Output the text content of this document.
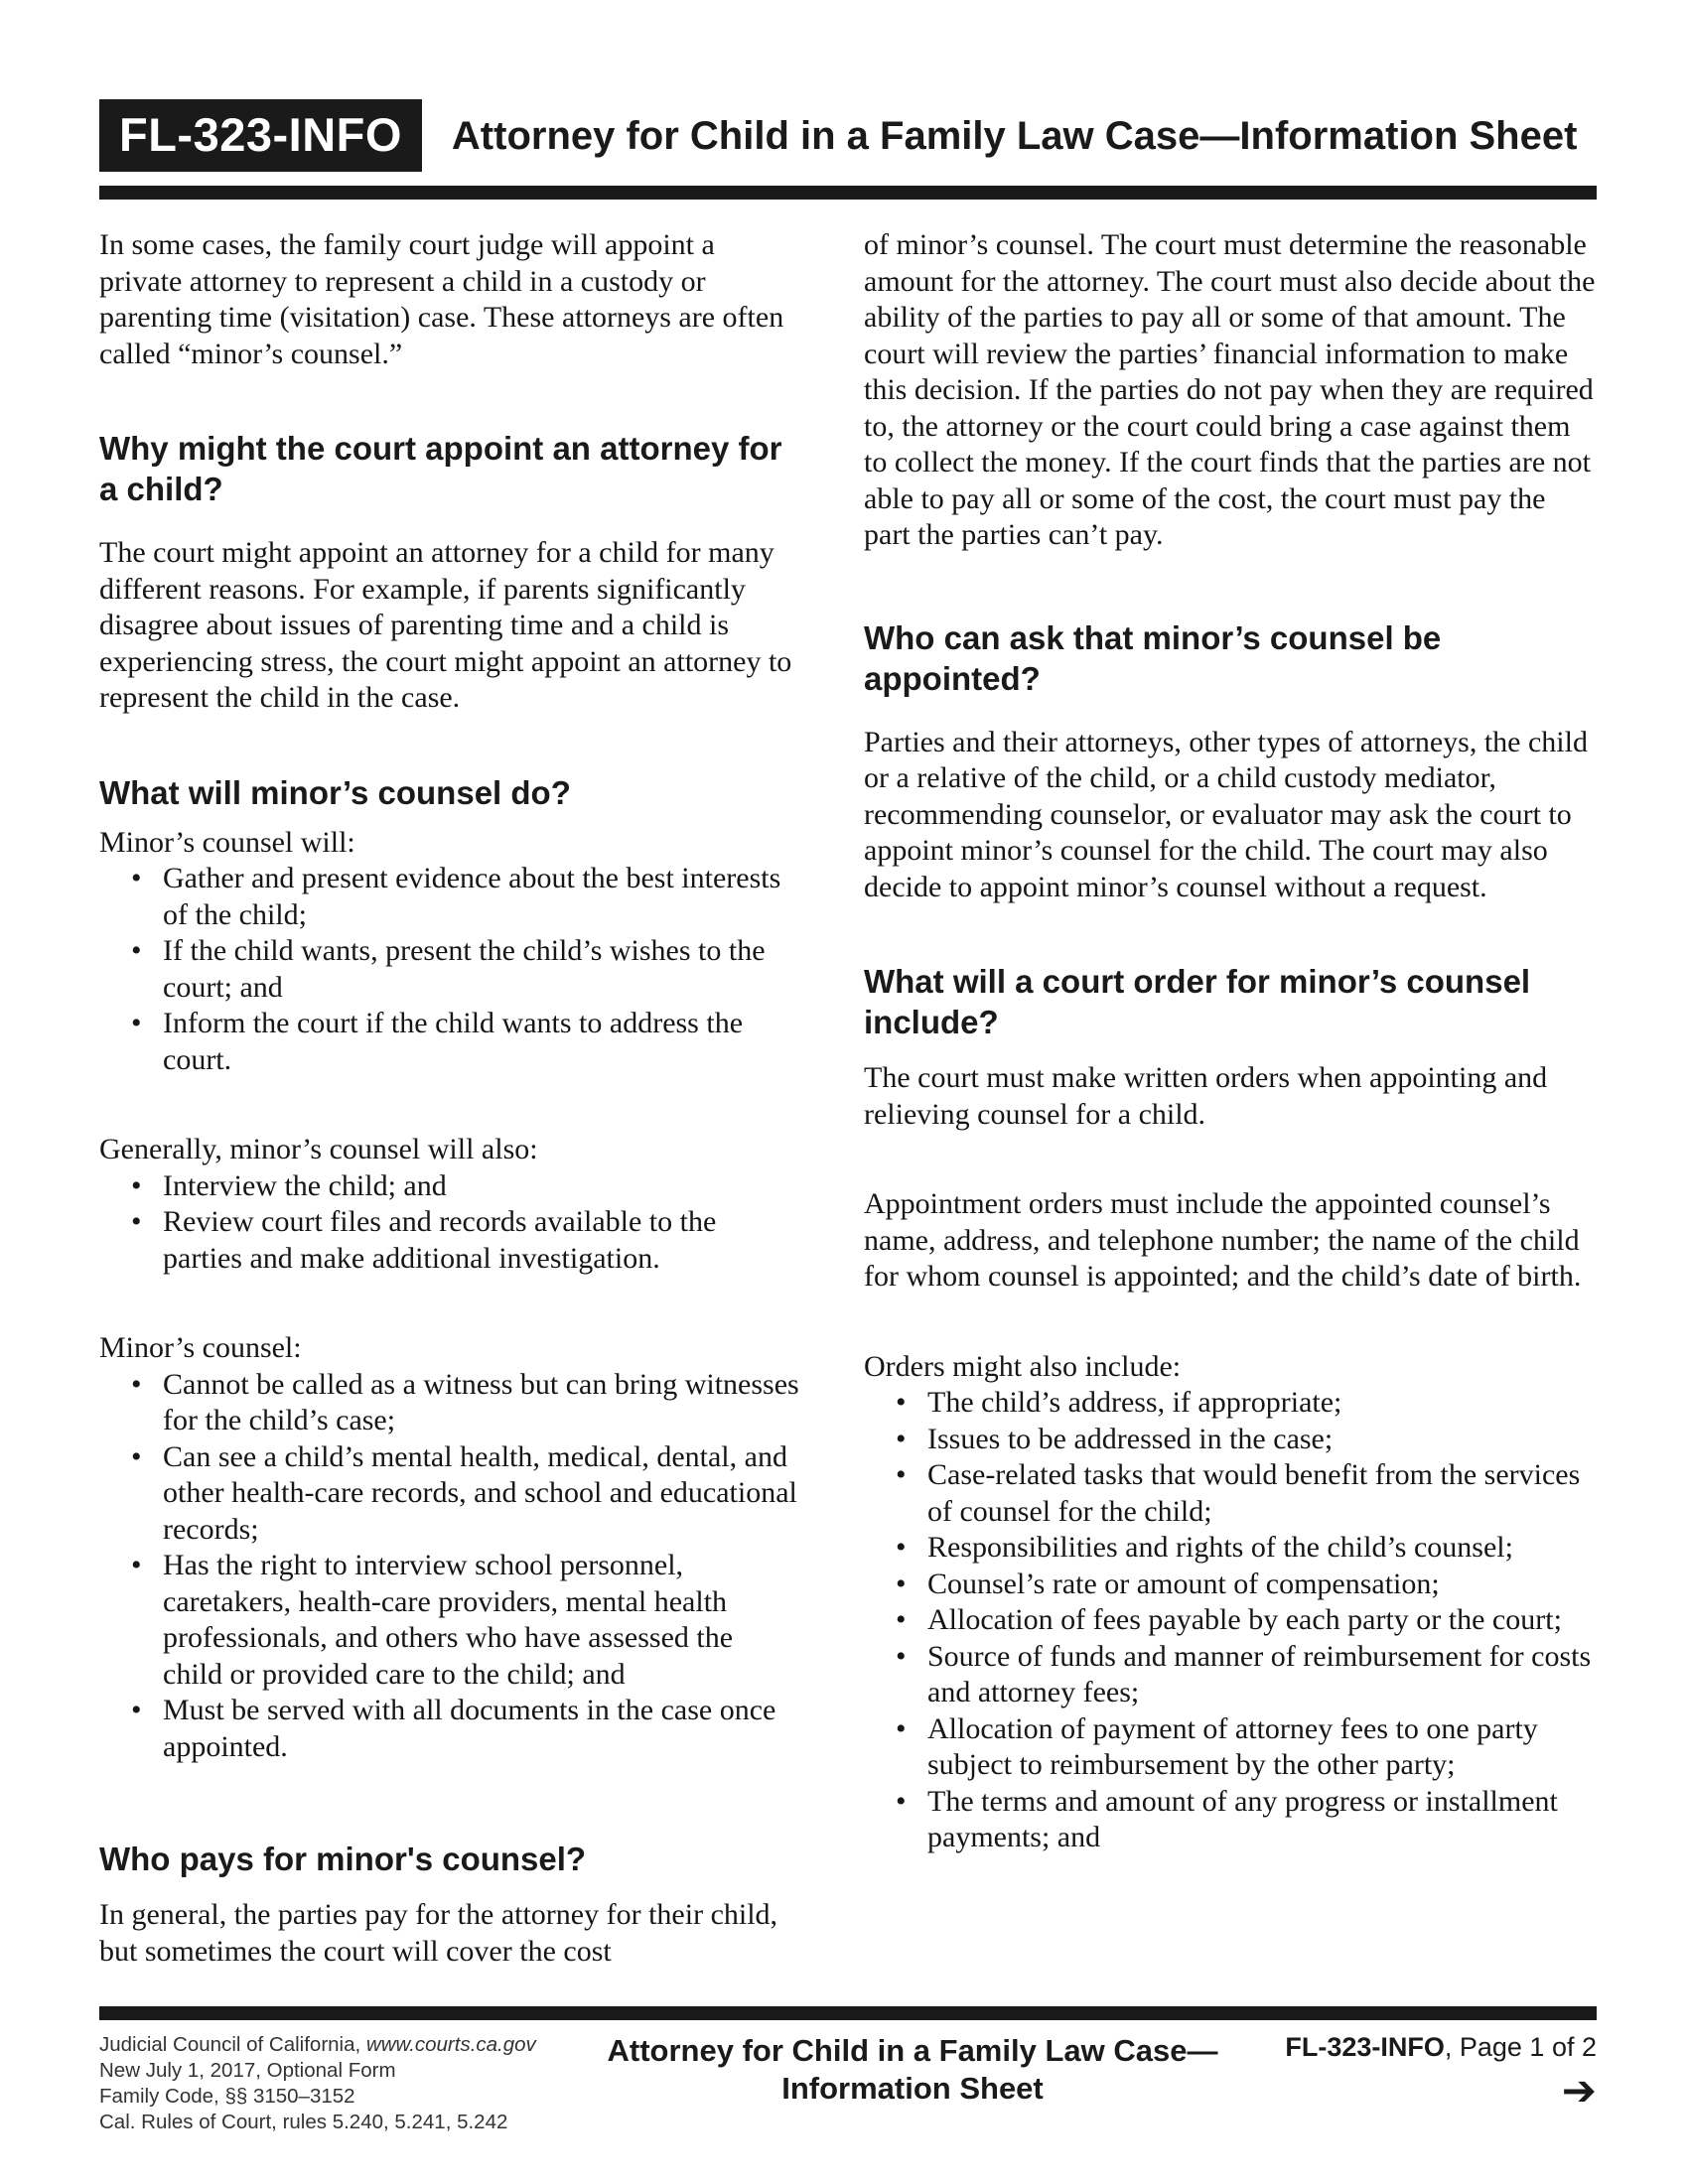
FL-323-INFO	Attorney for Child in a Family Law Case—Information Sheet

In some cases, the family court judge will appoint a private attorney to represent a child in a custody or parenting time (visitation) case. These attorneys are often called “minor’s counsel.”

Why might the court appoint an attorney for a child?

The court might appoint an attorney for a child for many different reasons. For example, if parents significantly disagree about issues of parenting time and a child is experiencing stress, the court might appoint an attorney to represent the child in the case.

What will minor’s counsel do?

Minor’s counsel will:

• Gather and present evidence about the best interests of the child;
• If the child wants, present the child’s wishes to the court; and
• Inform the court if the child wants to address the court.

Generally, minor’s counsel will also:

• Interview the child; and
• Review court files and records available to the parties and make additional investigation.

Minor’s counsel:

• Cannot be called as a witness but can bring witnesses for the child’s case;
• Can see a child’s mental health, medical, dental, and other health-care records, and school and educational records;
• Has the right to interview school personnel, caretakers, health-care providers, mental health professionals, and others who have assessed the child or provided care to the child; and
• Must be served with all documents in the case once appointed.
Who pays for minor's counsel?

In general, the parties pay for the attorney for their child, but sometimes the court will cover the cost

of minor’s counsel. The court must determine the reasonable amount for the attorney. The court must also decide about the ability of the parties to pay all or some of that amount. The court will review the parties’ financial information to make this decision. If the parties do not pay when they are required to, the attorney or the court could bring a case against them to collect the money. If the court finds that the parties are not able to pay all or some of the cost, the court must pay the part the parties can’t pay.

Who can ask that minor’s counsel be appointed?

Parties and their attorneys, other types of attorneys, the child or a relative of the child, or a child custody mediator, recommending counselor, or evaluator may ask the court to appoint minor’s counsel for the child. The court may also decide to appoint minor’s counsel without a request.

What will a court order for minor’s counsel include?

The court must make written orders when appointing and relieving counsel for a child.

Appointment orders must include the appointed counsel’s name, address, and telephone number; the name of the child for whom counsel is appointed; and the child’s date of birth.

Orders might also include:

• The child’s address, if appropriate;
• Issues to be addressed in the case;
• Case-related tasks that would benefit from the services of counsel for the child;
• Responsibilities and rights of the child’s counsel;
• Counsel’s rate or amount of compensation;
• Allocation of fees payable by each party or the court;
• Source of funds and manner of reimbursement for costs and attorney fees;
• Allocation of payment of attorney fees to one party subject to reimbursement by the other party;
• The terms and amount of any progress or installment payments; and
Judicial Council of California, www.courts.ca.gov
New July 1, 2017, Optional Form
Family Code, §§ 3150–3152
Cal. Rules of Court, rules 5.240, 5.241, 5.242
Attorney for Child in a Family Law Case—
Information Sheet
FL-323-INFO, Page 1 of 2
➔
